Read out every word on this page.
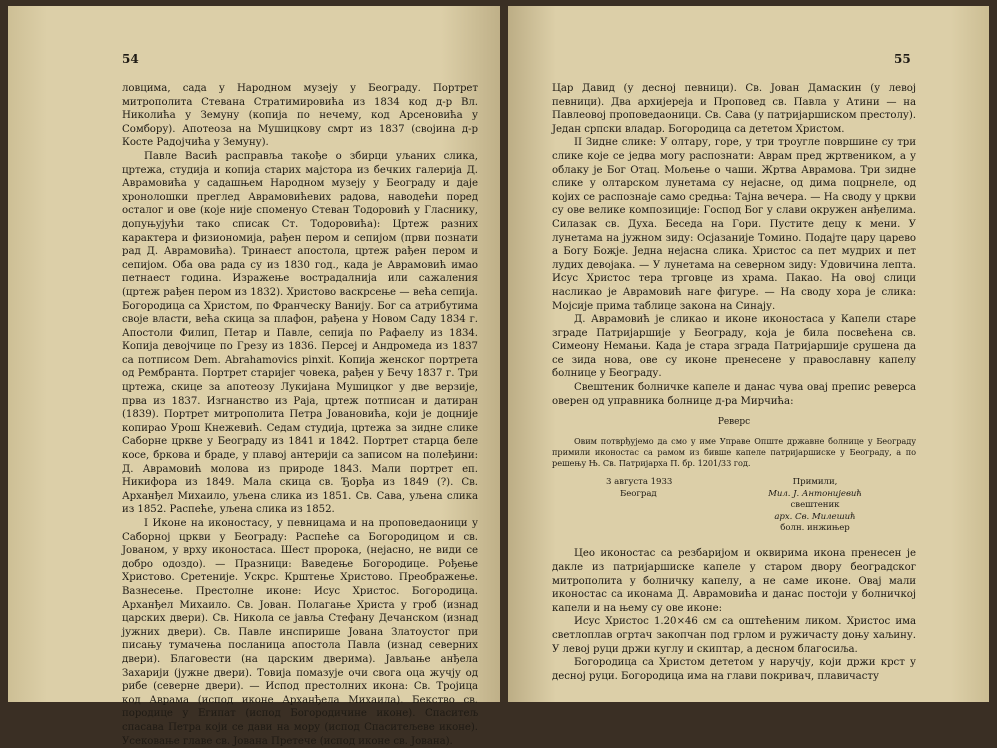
54

ловцима, сада у Народном музеју у Београду. Портрет митрополита Стевана Стратимировића из 1834 код д-р Вл. Николића у Земуну (копија по нечему, код Арсеновића у Сомбору). Апотеоза на Мушицкову смрт из 1837 (својина д-р Косте Радојчића у Земуну).

Павле Васић расправља такође о збирци уљаних слика, цртежа, студија и копија старих мајстора из бечких галерија Д. Аврамовића у садашњем Народном музеју у Београду и даје хронолошки преглед Аврамовићевих радова, наводећи поред осталог и ове (које није споменуо Стеван Тодоровић у Гласнику, допуњујући тако списак Ст. Тодоровића): Цртеж разних карактера и физиономија, рађен пером и сепијом (први познати рад Д. Аврамовића). Тринаест апостола, цртеж рађен пером и сепијом. Оба ова рада су из 1830 год., када је Аврамовић имао петнаест година. Изражење вострадалнија или сажаления (цртеж рађен пером из 1832). Христово васкрсење — већа сепија. Богородица са Христом, по Франческу Ванију. Бог са атрибутима своје власти, већа скица за плафон, рађена у Новом Саду 1834 г. Апостоли Филип, Петар и Павле, сепија по Рафаелу из 1834. Копија девојчице по Грезу из 1836. Персеј и Андромеда из 1837 са потписом Dem. Abrahamovics pinxit. Копија женског портрета од Рембранта. Портрет старијег човека, рађен у Бечу 1837 г. Три цртежа, скице за апотеозу Лукијана Мушицког у две верзије, прва из 1837. Изгнанство из Раја, цртеж потписан и датиран (1839). Портрет митрополита Петра Јовановића, који је доцније копирао Урош Кнежевић. Седам студија, цртежа за зидне слике Саборне цркве у Београду из 1841 и 1842. Портрет старца беле косе, бркова и браде, у плавој антерији са записом на полеђини: Д. Аврамовић молова из природе 1843. Мали портрет еп. Никифора из 1849. Мала скица св. Ђорђа из 1849 (?). Св. Арханђел Михаило, уљена слика из 1851. Св. Сава, уљена слика из 1852. Распеће, уљена слика из 1852.

I Иконе на иконостасу, у певницама и на проповедаоници у Саборној цркви у Београду: Распеће са Богородицом и св. Јованом, у врху иконостаса. Шест пророка, (нејасно, не види се добро одоздо). — Празници: Ваведење Богородице. Рођење Христово. Сретеније. Ускрс. Крштење Христово. Преображење. Вазнесење. Престолне иконе: Исус Христос. Богородица. Арханђел Михаило. Св. Јован. Полагање Христа у гроб (изнад царских двери). Св. Никола се јавља Стефану Дечанском (изнад јужних двери). Св. Павле инспирише Јована Златоустог при писању тумачења посланица апостола Павла (изнад северних двери). Благовести (на царским дверима). Јављање анђела Захарији (јужне двери). Товија помазује очи свога оца жучју од рибе (северне двери). — Испод престолних икона: Св. Тројица код Аврама (испод иконе Арханђела Михаила). Бекство св. породице у Египат (испод Богородичине иконе). Спаситељ спасава Петра који се дави на мору (испод Спаситељеве иконе). Усековање главе св. Јована Претече (испод иконе св. Јована).

55

Цар Давид (у десној певници). Св. Јован Дамаскин (у левој певници). Два архијереја и Проповед св. Павла у Атини — на Павлеовој проповедаоници. Св. Сава (у патријаршиском престолу). Један српски владар. Богородица са дететом Христом.

II Зидне слике: У олтару, горе, у три троугле површине су три слике које се једва могу распознати: Аврам пред жртвеником, а у облаку је Бог Отац. Мољење о чаши. Жртва Аврамова. Три зидне слике у олтарском лунетама су нејасне, од дима поцрнеле, од којих се распознаје само средња: Тајна вечера. — На своду у цркви су ове велике композиције: Господ Бог у слави окружен анђелима. Силазак св. Духа. Беседа на Гори. Пустите децу к мени. У лунетама на јужном зиду: Осјазаније Томино. Подајте цару царево а Богу Божје. Једна нејасна слика. Христос са пет мудрих и пет лудих девојака. — У лунетама на северном зиду: Удовичина лепта. Исус Христос тера трговце из храма. Пакао. На овој слици насликао је Аврамовић наге фигуре. — На своду хора је слика: Мојсије прима таблице закона на Синају.

Д. Аврамовић је сликао и иконе иконостаса у Капели старе зграде Патријаршије у Београду, која је била посвећена св. Симеону Немањи. Када је стара зграда Патријаршије срушена да се зида нова, ове су иконе пренесене у православну капелу болнице у Београду.

Свештеник болничке капеле и данас чува овај препис реверса оверен од управника болнице д-ра Мирчића:

Реверс

Овим потврђујемо да смо у име Управе Опште државне болнице у Београду примили иконостас са рамом из бивше капеле патријаршиске у Београду, а по решењу Њ. Св. Патријарха П. бр. 1201/33 год.

3 августа 1933
Београд
Примили,
Мил. Ј. Антонијевић
свештеник
арх. Св. Милешић
болн. инжињер

Цео иконостас са резбаријом и оквирима икона пренесен је дакле из патријаршиске капеле у старом двору београдског митрополита у болничку капелу, а не саме иконе. Овај мали иконостас са иконама Д. Аврамовића и данас постоји у болничкој капели и на њему су ове иконе:

Исус Христос 1.20×46 см са оштећеним ликом. Христос има светлоплав огртач закопчан под грлом и ружичасту доњу хаљину. У левој руци држи куглу и скиптар, а десном благосиља.

Богородица са Христом дететом у наручју, који држи крст у десној руци. Богородица има на глави покривач, плавичасту
